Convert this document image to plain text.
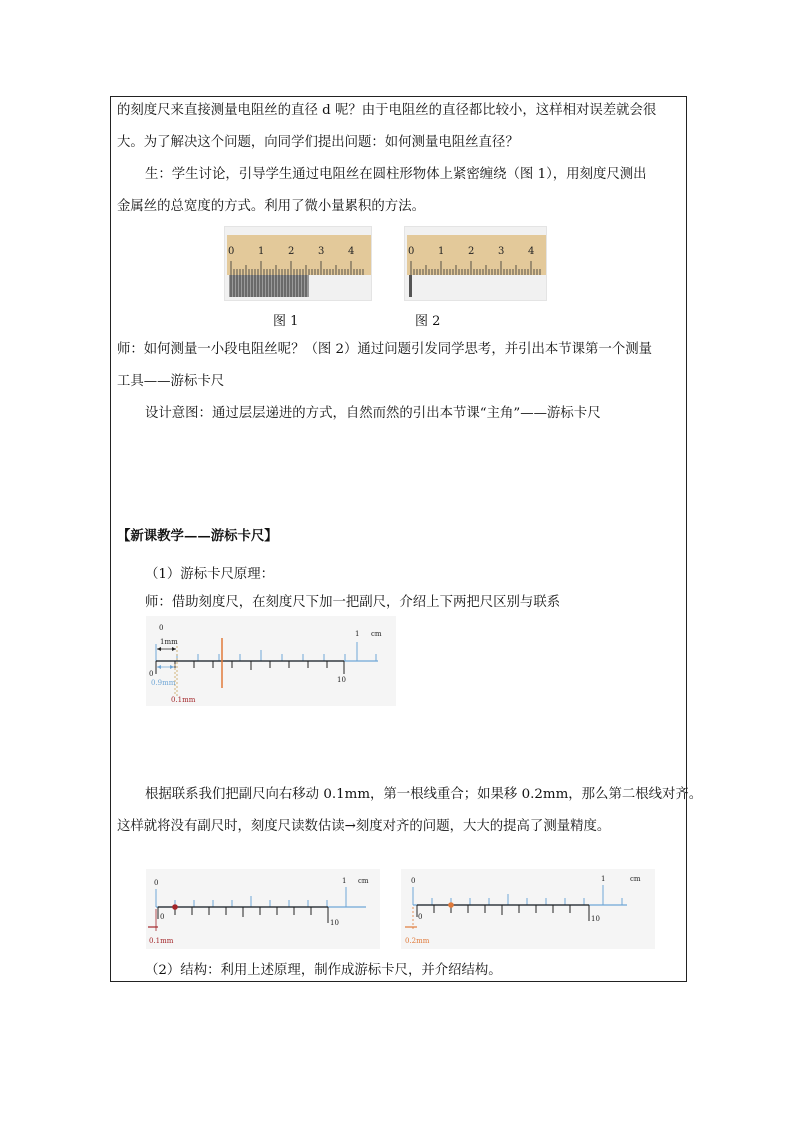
的刻度尺来直接测量电阻丝的直径 d 呢？由于电阻丝的直径都比较小，这样相对误差就会很
大。为了解决这个问题，向同学们提出问题：如何测量电阻丝直径？
生：学生讨论，引导学生通过电阻丝在圆柱形物体上紧密缠绕（图 1），用刻度尺测出
金属丝的总宽度的方式。利用了微小量累积的方法。
0 1 2 3 4	0 1 2 3 4
图 1	图 2
师：如何测量一小段电阻丝呢？（图 2）通过问题引发同学思考，并引出本节课第一个测量
工具——游标卡尺
设计意图：通过层层递进的方式，自然而然的引出本节课“主角”——游标卡尺
【新课教学——游标卡尺】
（1）游标卡尺原理：
师：借助刻度尺，在刻度尺下加一把副尺，介绍上下两把尺区别与联系
0
1mm
1 cm
0
10
0.9mm
0.1mm
根据联系我们把副尺向右移动 0.1mm，第一根线重合；如果移 0.2mm，那么第二根线对齐。
这样就将没有副尺时，刻度尺读数估读→刻度对齐的问题，大大的提高了测量精度。
0	1 cm
0
10
0.1mm
1	cm
0
0	10
0.2mm
（2）结构：利用上述原理，制作成游标卡尺，并介绍结构。
